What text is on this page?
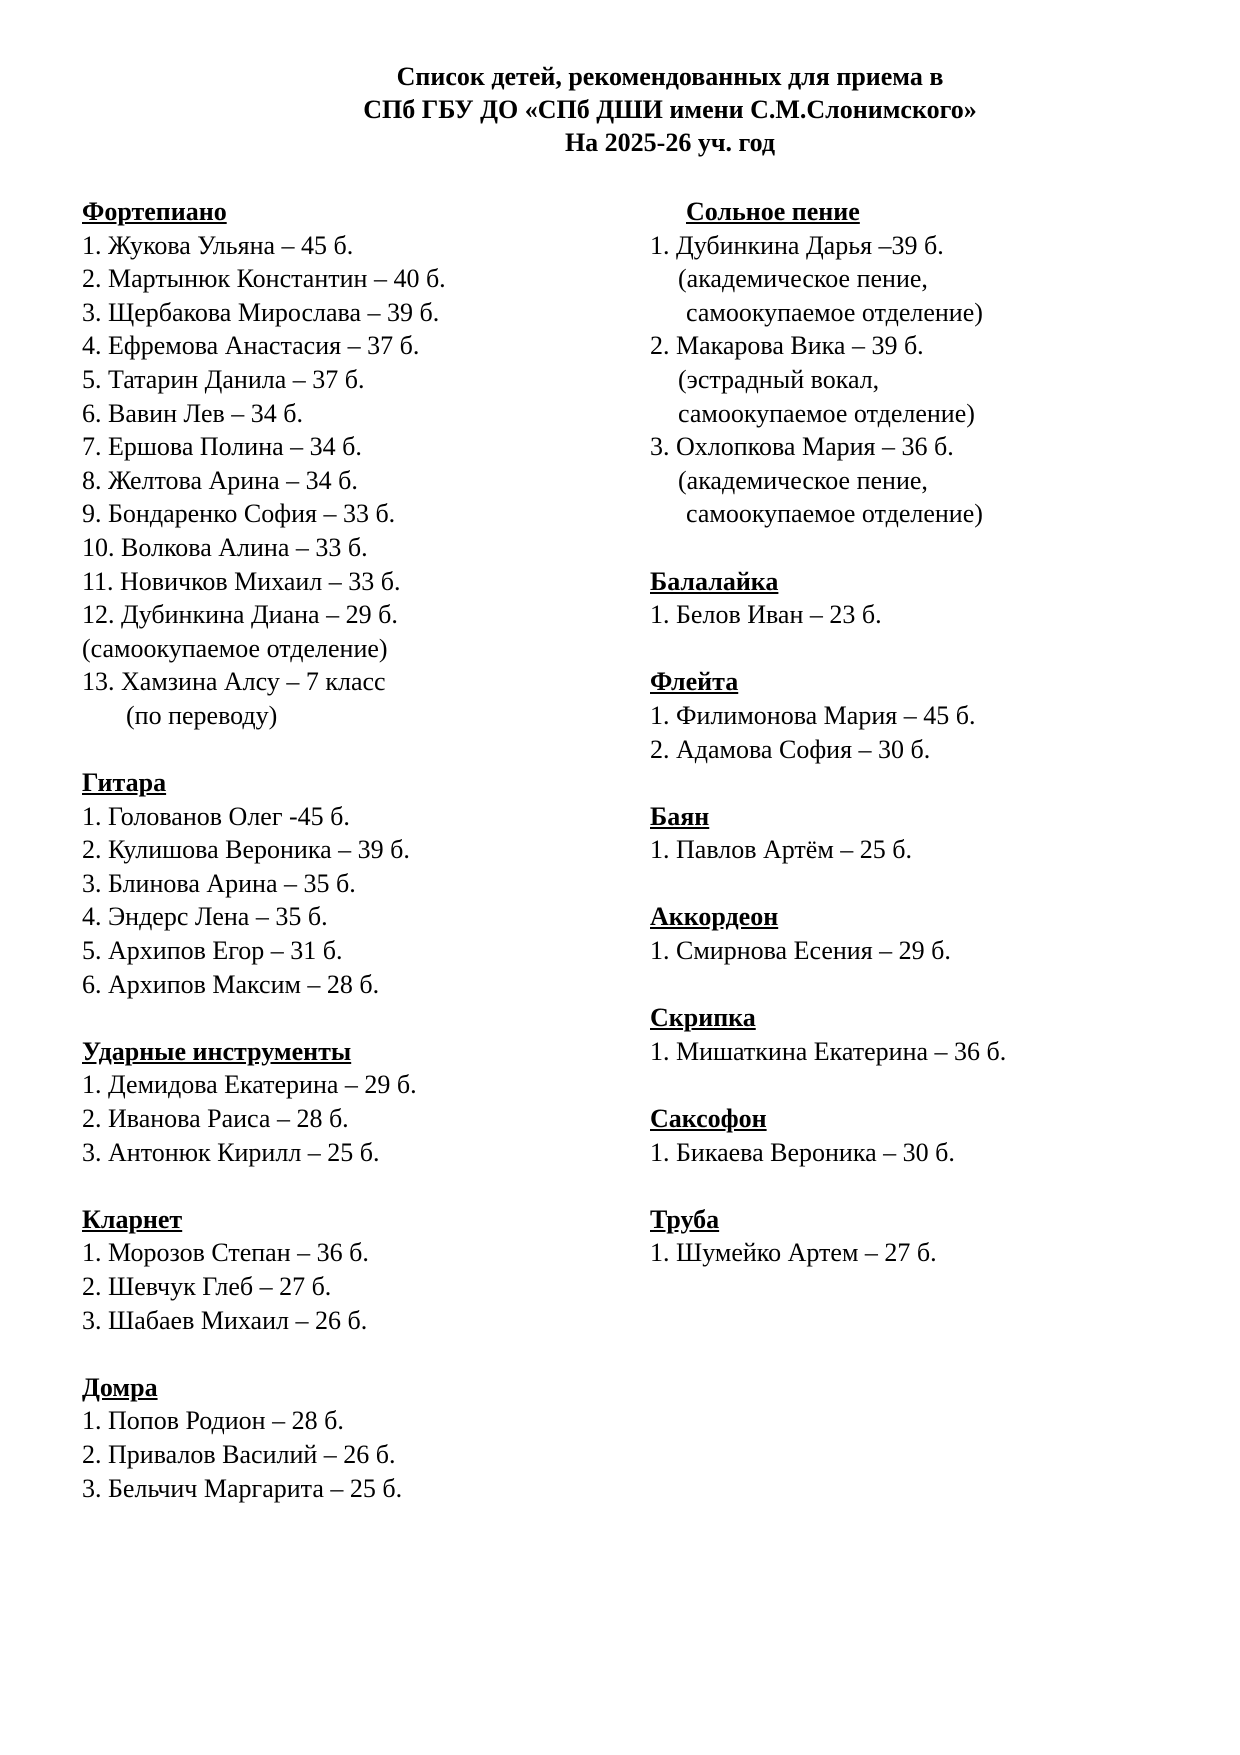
Список детей, рекомендованных для приема в
СПб ГБУ ДО «СПб ДШИ имени С.М.Слонимского»
На 2025-26 уч. год
Фортепиано
1. Жукова Ульяна – 45 б.
2. Мартынюк Константин – 40 б.
3. Щербакова Мирослава – 39 б.
4. Ефремова Анастасия – 37 б.
5. Татарин Данила – 37 б.
6. Вавин Лев – 34 б.
7. Ершова Полина – 34 б.
8. Желтова Арина – 34 б.
9. Бондаренко София – 33 б.
10. Волкова Алина – 33 б.
11. Новичков Михаил – 33 б.
12. Дубинкина Диана – 29 б.
(самоокупаемое отделение)
13. Хамзина Алсу – 7 класс
(по переводу)
Гитара
1. Голованов Олег -45 б.
2. Кулишова Вероника – 39 б.
3. Блинова Арина – 35 б.
4. Эндерс Лена – 35 б.
5. Архипов Егор – 31 б.
6. Архипов Максим – 28 б.
Ударные инструменты
1. Демидова Екатерина – 29 б.
2. Иванова Раиса – 28 б.
3. Антонюк Кирилл – 25 б.
Кларнет
1. Морозов Степан – 36 б.
2. Шевчук Глеб – 27 б.
3. Шабаев Михаил – 26 б.
Домра
1. Попов Родион – 28 б.
2. Привалов Василий – 26 б.
3. Бельчич Маргарита – 25 б.
Сольное пение
1. Дубинкина Дарья –39 б.
(академическое пение,
самоокупаемое отделение)
2. Макарова Вика – 39 б.
(эстрадный вокал,
самоокупаемое отделение)
3. Охлопкова Мария – 36 б.
(академическое пение,
самоокупаемое отделение)
Балалайка
1. Белов Иван – 23 б.
Флейта
1. Филимонова Мария – 45 б.
2. Адамова София – 30 б.
Баян
1. Павлов Артём – 25 б.
Аккордеон
1. Смирнова Есения – 29 б.
Скрипка
1. Мишаткина Екатерина – 36 б.
Саксофон
1. Бикаева Вероника – 30 б.
Труба
1. Шумейко Артем – 27 б.
